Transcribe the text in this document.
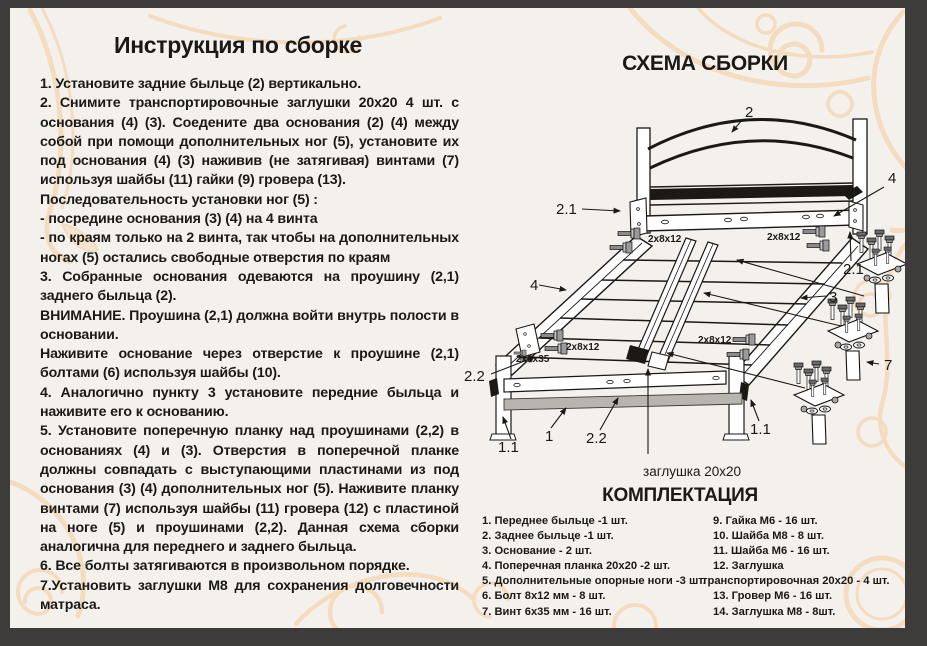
Инструкция по сборке

1. Установите задние быльце (2) вертикально.

2. Снимите транспортировочные заглушки 20х20 4 шт. с основания (4) (3). Соедените два основания (2) (4) между собой при помощи дополнительных ног (5), установите их под основания (4) (3) наживив (не затягивая) винтами (7) используя шайбы (11) гайки (9) гровера (13).

Последовательность установки ног (5) :

- посредине основания (3) (4) на 4 винта

- по краям только на 2 винта, так чтобы на дополнительных ногах (5) остались свободные отверстия по краям

3. Собранные основания одеваются на проушину (2,1) заднего быльца (2).

ВНИМАНИЕ. Проушина (2,1) должна войти внутрь полости в основании.

Наживите основание через отверстие к проушине (2,1) болтами (6) используя шайбы (10).

4. Аналогично пункту 3 установите передние быльца и наживите его к основанию.

5. Установите поперечную планку над проушинами (2,2) в основаниях (4) и (3). Отверстия в поперечной планке должны совпадать с выступающими пластинами из под основания (3) (4) дополнительных ног (5). Наживите планку винтами (7) используя шайбы (11) гровера (12) с пластиной на ноге (5) и проушинами (2,2). Данная схема сборки аналогична для переднего и заднего быльца.

6. Все болты затягиваются в произвольном порядке.

7.Установить заглушки М8 для сохранения долговечности матраса.

СХЕМА СБОРКИ
КОМПЛЕКТАЦИЯ
2
2.1
4
2.1
3
4
2.2
2.2
1
1.1
1.1
7
заглушка 20х20
2х8х12	2х8х12
2х8х12
2х8х12
2х6х35
1. Переднее быльце -1 шт.
2. Заднее быльце -1 шт.
3. Основание - 2 шт.
4. Поперечная планка 20х20 -2 шт.
5. Дополнительные опорные ноги -3 шт.
6. Болт 8х12 мм - 8 шт.
7. Винт 6х35 мм - 16 шт.
9. Гайка М6 - 16 шт.
10. Шайба М8 - 8 шт.
11. Шайба М6 - 16 шт.
12. Заглушка
транспортировочная 20х20 - 4 шт.
13. Гровер М6 - 16 шт.
14. Заглушка М8 - 8шт.
